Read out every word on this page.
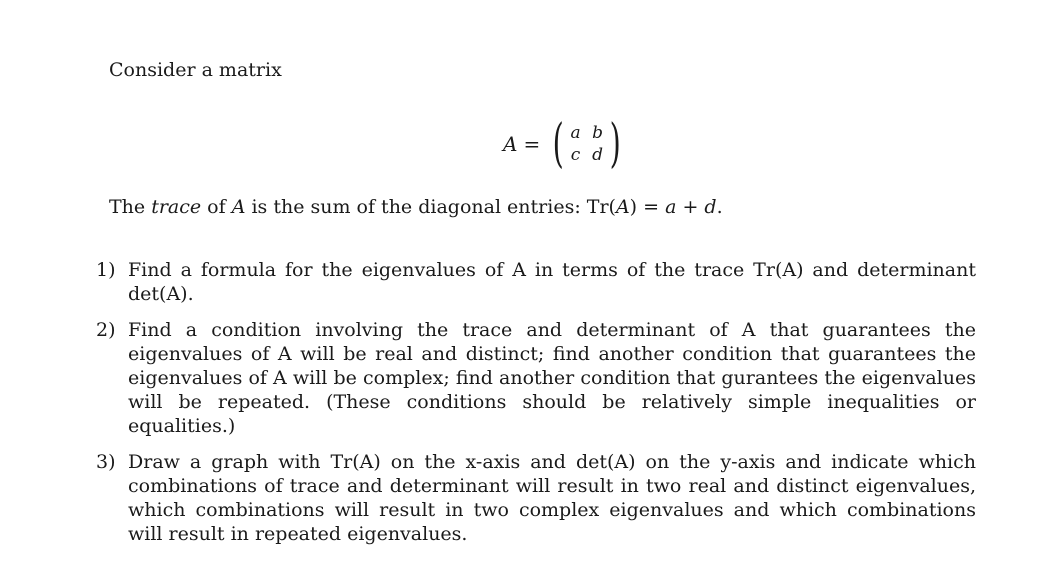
Consider a matrix
A = ( a b
c d )
The trace of A is the sum of the diagonal entries: Tr(A) = a + d.
1) Find a formula for the eigenvalues of A in terms of the trace Tr(A) and determinant det(A).
2) Find a condition involving the trace and determinant of A that guarantees the eigenvalues of A will be real and distinct; find another condition that guarantees the eigenvalues of A will be complex; find another condition that gurantees the eigenvalues will be repeated. (These conditions should be relatively simple inequalities or equalities.)
3) Draw a graph with Tr(A) on the x-axis and det(A) on the y-axis and indicate which combinations of trace and determinant will result in two real and distinct eigenvalues, which combinations will result in two complex eigenvalues and which combinations will result in repeated eigenvalues.
